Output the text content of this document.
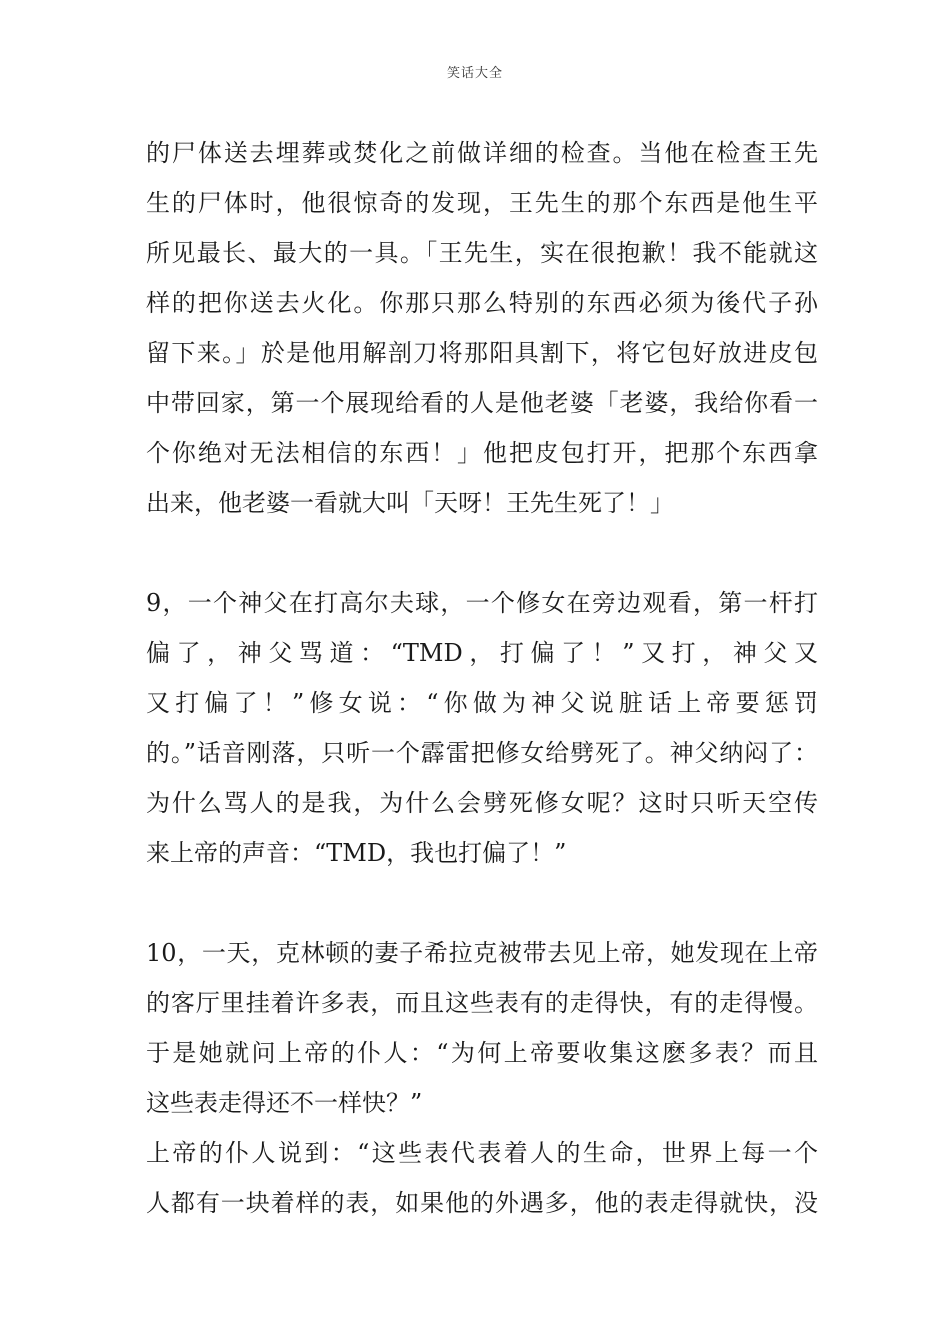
笑话大全
的尸体送去埋葬或焚化之前做详细的检查。当他在检查王先
生的尸体时，他很惊奇的发现，王先生的那个东西是他生平
所见最长、最大的一具。「王先生，实在很抱歉！我不能就这
样的把你送去火化。你那只那么特别的东西必须为後代子孙
留下来。」於是他用解剖刀将那阳具割下，将它包好放进皮包
中带回家，第一个展现给看的人是他老婆「老婆，我给你看一
个你绝对无法相信的东西！」他把皮包打开，把那个东西拿
出来，他老婆一看就大叫「天呀！王先生死了！」
9，一个神父在打高尔夫球，一个修女在旁边观看，第一杆打
偏了，神父骂道：“TMD，打偏了！”又打，神父又
又打偏了！”修女说：“你做为神父说脏话上帝要惩罚
的。”话音刚落，只听一个霹雷把修女给劈死了。神父纳闷了：
为什么骂人的是我，为什么会劈死修女呢？这时只听天空传
来上帝的声音：“TMD，我也打偏了！”
10，一天，克林顿的妻子希拉克被带去见上帝，她发现在上帝
的客厅里挂着许多表，而且这些表有的走得快，有的走得慢。
于是她就问上帝的仆人：“为何上帝要收集这麽多表？而且
这些表走得还不一样快？”
上帝的仆人说到：“这些表代表着人的生命，世界上每一个
人都有一块着样的表，如果他的外遇多，他的表走得就快，没
